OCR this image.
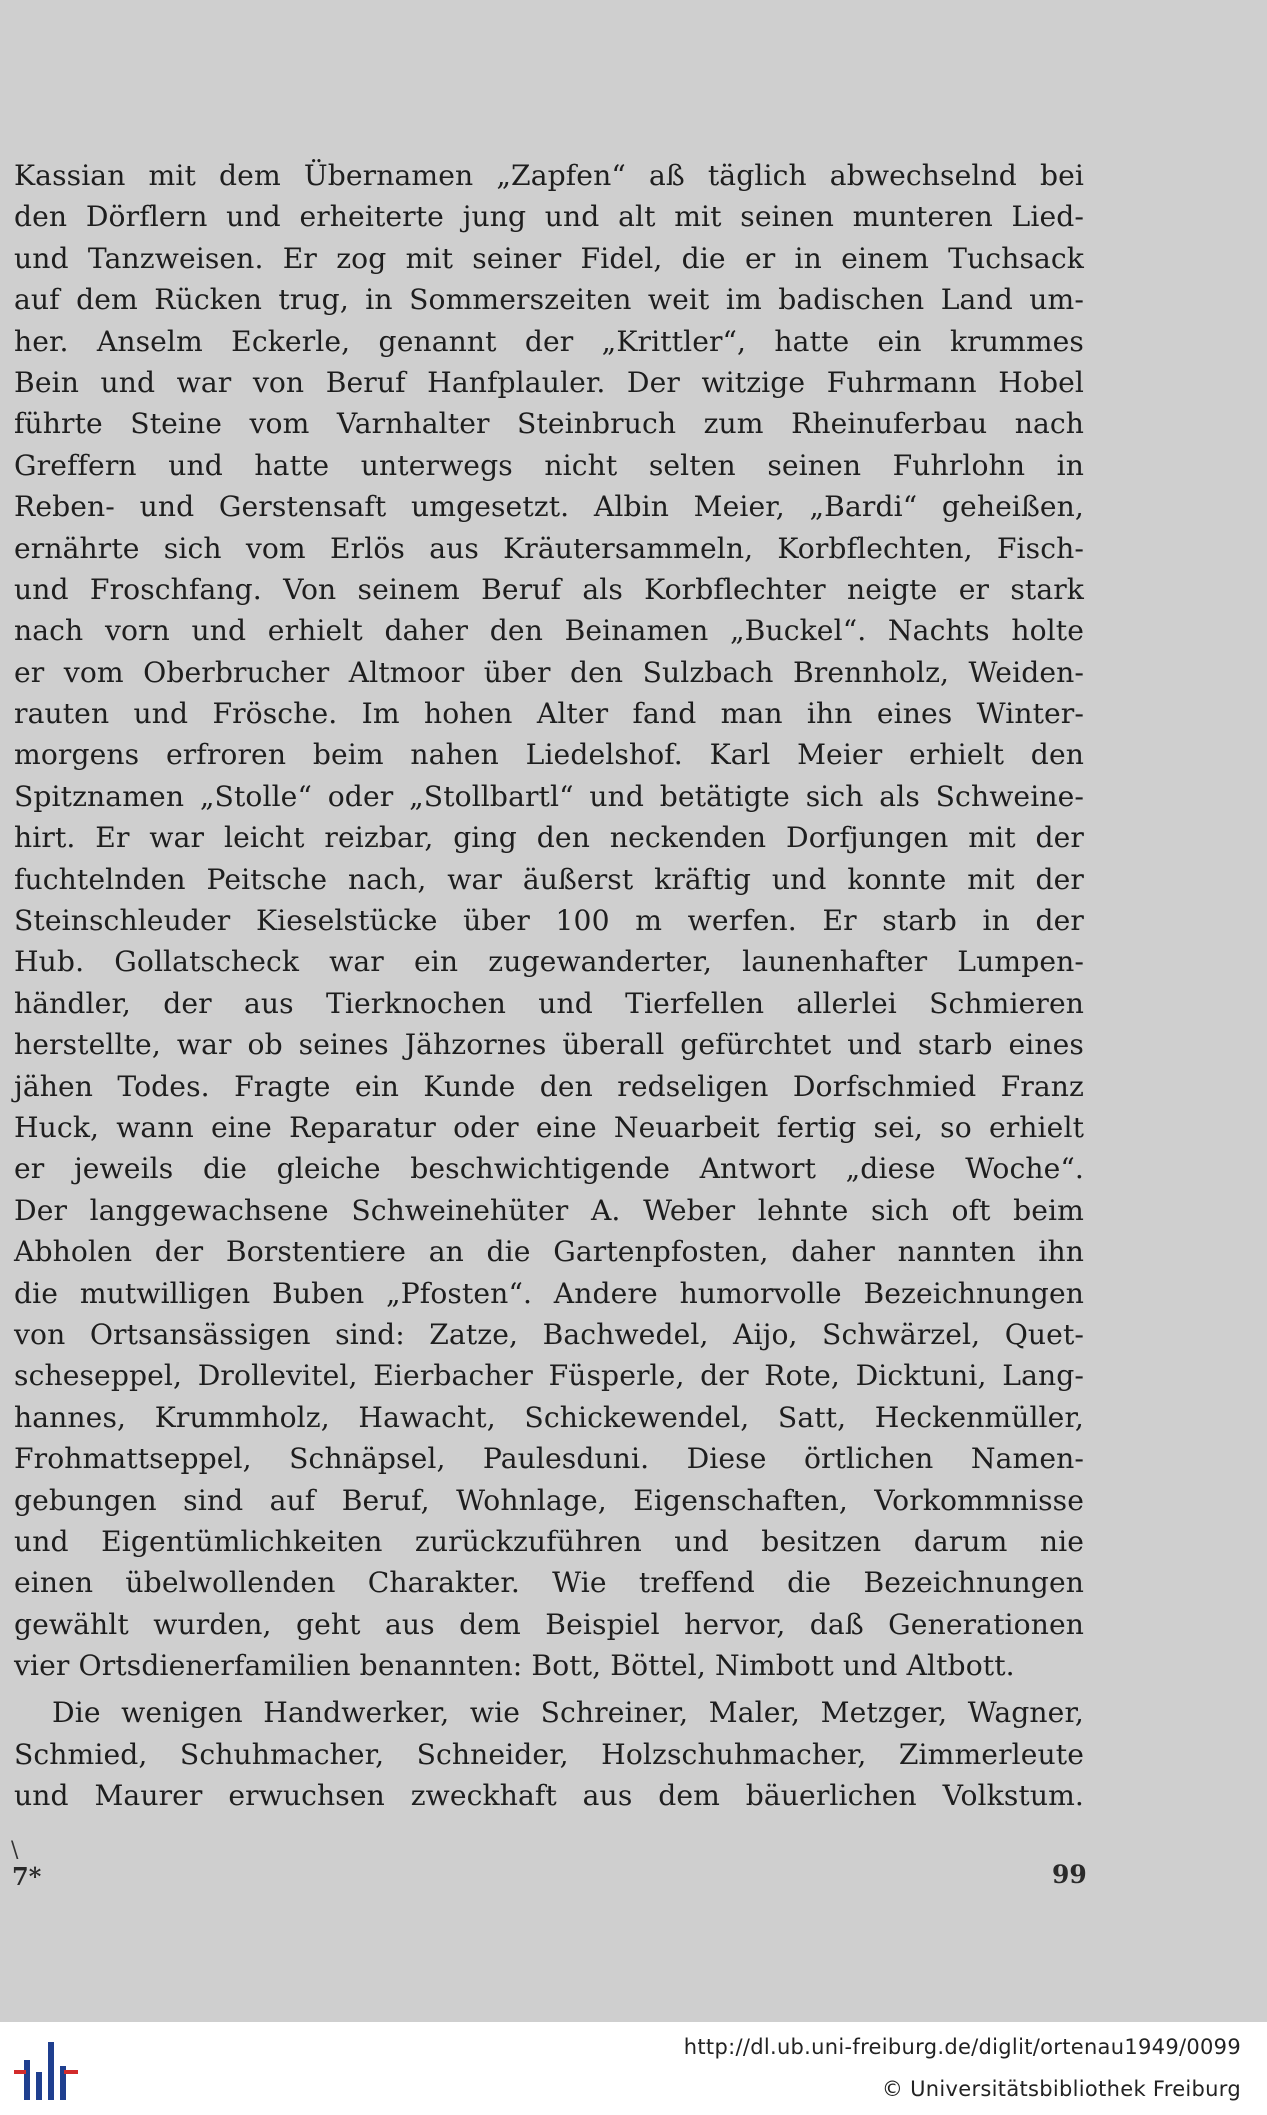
Kassian mit dem Übernamen „Zapfen“ aß täglich abwechselnd bei
den Dörflern und erheiterte jung und alt mit seinen munteren Lied-
und Tanzweisen. Er zog mit seiner Fidel, die er in einem Tuchsack
auf dem Rücken trug, in Sommerszeiten weit im badischen Land um-
her. Anselm Eckerle, genannt der „Krittler“, hatte ein krummes
Bein und war von Beruf Hanfplauler. Der witzige Fuhrmann Hobel
führte Steine vom Varnhalter Steinbruch zum Rheinuferbau nach
Greffern und hatte unterwegs nicht selten seinen Fuhrlohn in
Reben- und Gerstensaft umgesetzt. Albin Meier, „Bardi“ geheißen,
ernährte sich vom Erlös aus Kräutersammeln, Korbflechten, Fisch-
und Froschfang. Von seinem Beruf als Korbflechter neigte er stark
nach vorn und erhielt daher den Beinamen „Buckel“. Nachts holte
er vom Oberbrucher Altmoor über den Sulzbach Brennholz, Weiden-
rauten und Frösche. Im hohen Alter fand man ihn eines Winter-
morgens erfroren beim nahen Liedelshof. Karl Meier erhielt den
Spitznamen „Stolle“ oder „Stollbartl“ und betätigte sich als Schweine-
hirt. Er war leicht reizbar, ging den neckenden Dorfjungen mit der
fuchtelnden Peitsche nach, war äußerst kräftig und konnte mit der
Steinschleuder Kieselstücke über 100 m werfen. Er starb in der
Hub. Gollatscheck war ein zugewanderter, launenhafter Lumpen-
händler, der aus Tierknochen und Tierfellen allerlei Schmieren
herstellte, war ob seines Jähzornes überall gefürchtet und starb eines
jähen Todes. Fragte ein Kunde den redseligen Dorfschmied Franz
Huck, wann eine Reparatur oder eine Neuarbeit fertig sei, so erhielt
er jeweils die gleiche beschwichtigende Antwort „diese Woche“.
Der langgewachsene Schweinehüter A. Weber lehnte sich oft beim
Abholen der Borstentiere an die Gartenpfosten, daher nannten ihn
die mutwilligen Buben „Pfosten“. Andere humorvolle Bezeichnungen
von Ortsansässigen sind: Zatze, Bachwedel, Aijo, Schwärzel, Quet-
scheseppel, Drollevitel, Eierbacher Füsperle, der Rote, Dicktuni, Lang-
hannes, Krummholz, Hawacht, Schickewendel, Satt, Heckenmüller,
Frohmattseppel, Schnäpsel, Paulesduni. Diese örtlichen Namen-
gebungen sind auf Beruf, Wohnlage, Eigenschaften, Vorkommnisse
und Eigentümlichkeiten zurückzuführen und besitzen darum nie
einen übelwollenden Charakter. Wie treffend die Bezeichnungen
gewählt wurden, geht aus dem Beispiel hervor, daß Generationen
vier Ortsdienerfamilien benannten: Bott, Böttel, Nimbott und Altbott.
Die wenigen Handwerker, wie Schreiner, Maler, Metzger, Wagner,
Schmied, Schuhmacher, Schneider, Holzschuhmacher, Zimmerleute
und Maurer erwuchsen zweckhaft aus dem bäuerlichen Volkstum.
\
7*	99
http://dl.ub.uni-freiburg.de/diglit/ortenau1949/0099
© Universitätsbibliothek Freiburg
